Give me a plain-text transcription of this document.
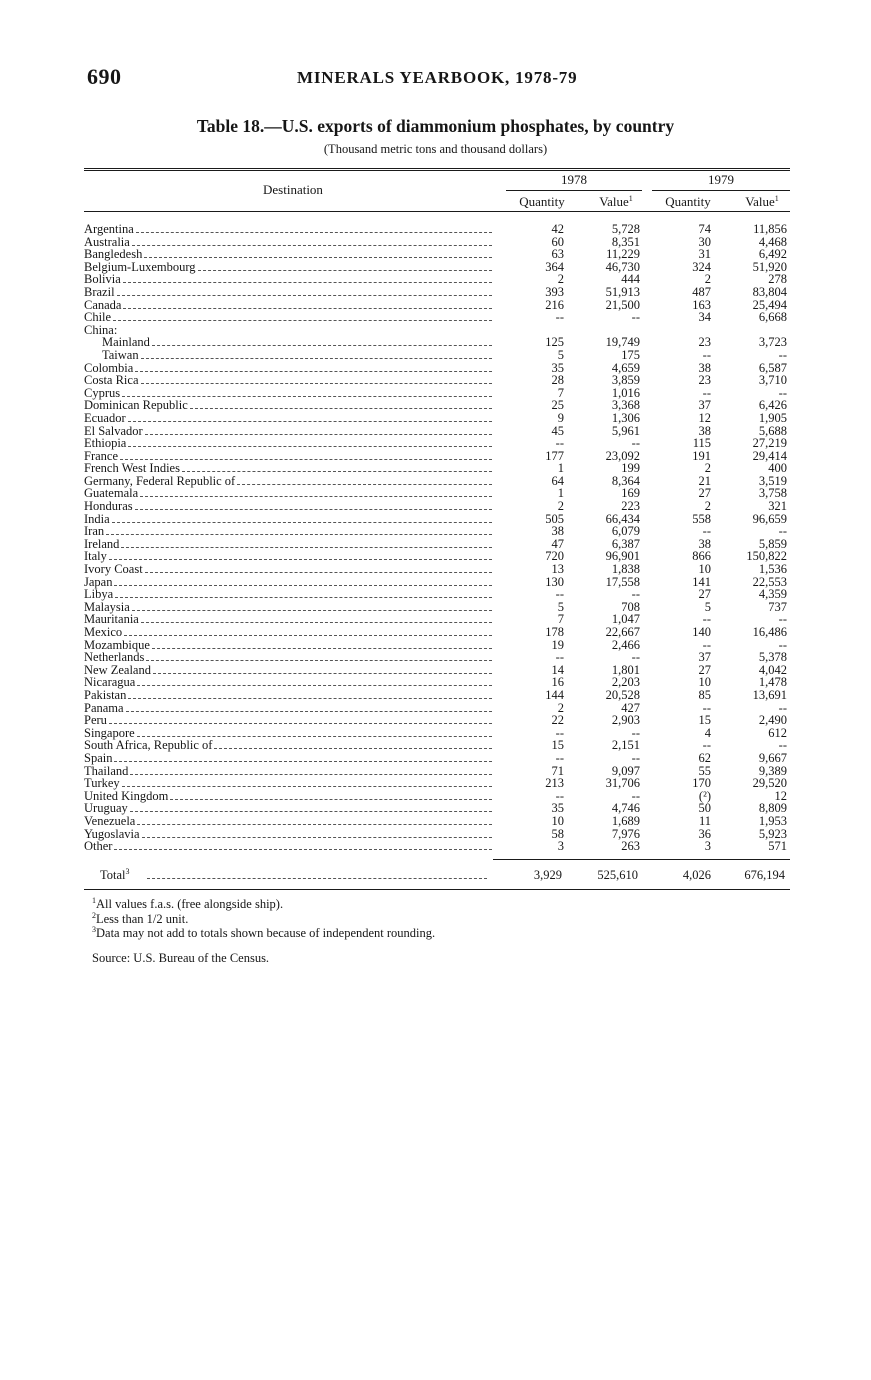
690	MINERALS YEARBOOK, 1978-79
Table 18.—U.S. exports of diammonium phosphates, by country
(Thousand metric tons and thousand dollars)
Destination
1978	1979
Quantity	Value$^1$	Quantity	Value$^1$
Argentina	42	5,728	74	11,856
Australia	60	8,351	30	4,468
Bangledesh	63	11,229	31	6,492
Belgium-Luxembourg	364	46,730	324	51,920
Bolivia	2	444	2	278
Brazil	393	51,913	487	83,804
Canada	216	21,500	163	25,494
Chile	--	--	34	6,668
China:
Mainland	125	19,749	23	3,723
Taiwan	5	175	--	--
Colombia	35	4,659	38	6,587
Costa Rica	28	3,859	23	3,710
Cyprus	7	1,016	--	--
Dominican Republic	25	3,368	37	6,426
Ecuador	9	1,306	12	1,905
El Salvador	45	5,961	38	5,688
Ethiopia	--	--	115	27,219
France	177	23,092	191	29,414
French West Indies	1	199	2	400
Germany, Federal Republic of	64	8,364	21	3,519
Guatemala	1	169	27	3,758
Honduras	2	223	2	321
India	505	66,434	558	96,659
Iran	38	6,079	--	--
Ireland	47	6,387	38	5,859
Italy	720	96,901	866	150,822
Ivory Coast	13	1,838	10	1,536
Japan	130	17,558	141	22,553
Libya	--	--	27	4,359
Malaysia	5	708	5	737
Mauritania	7	1,047	--	--
Mexico	178	22,667	140	16,486
Mozambique	19	2,466	--	--
Netherlands	--	--	37	5,378
New Zealand	14	1,801	27	4,042
Nicaragua	16	2,203	10	1,478
Pakistan	144	20,528	85	13,691
Panama	2	427	--	--
Peru	22	2,903	15	2,490
Singapore	--	--	4	612
South Africa, Republic of	15	2,151	--	--
Spain	--	--	62	9,667
Thailand	71	9,097	55	9,389
Turkey	213	31,706	170	29,520
United Kingdom	--	--	(²)	12
Uruguay	35	4,746	50	8,809
Venezuela	10	1,689	11	1,953
Yugoslavia	58	7,976	36	5,923
Other	3	263	3	571
Total$^3$	3,929	525,610	4,026	676,194
$^1$All values f.a.s. (free alongside ship).
$^2$Less than 1/2 unit.
$^3$Data may not add to totals shown because of independent rounding.
Source: U.S. Bureau of the Census.
